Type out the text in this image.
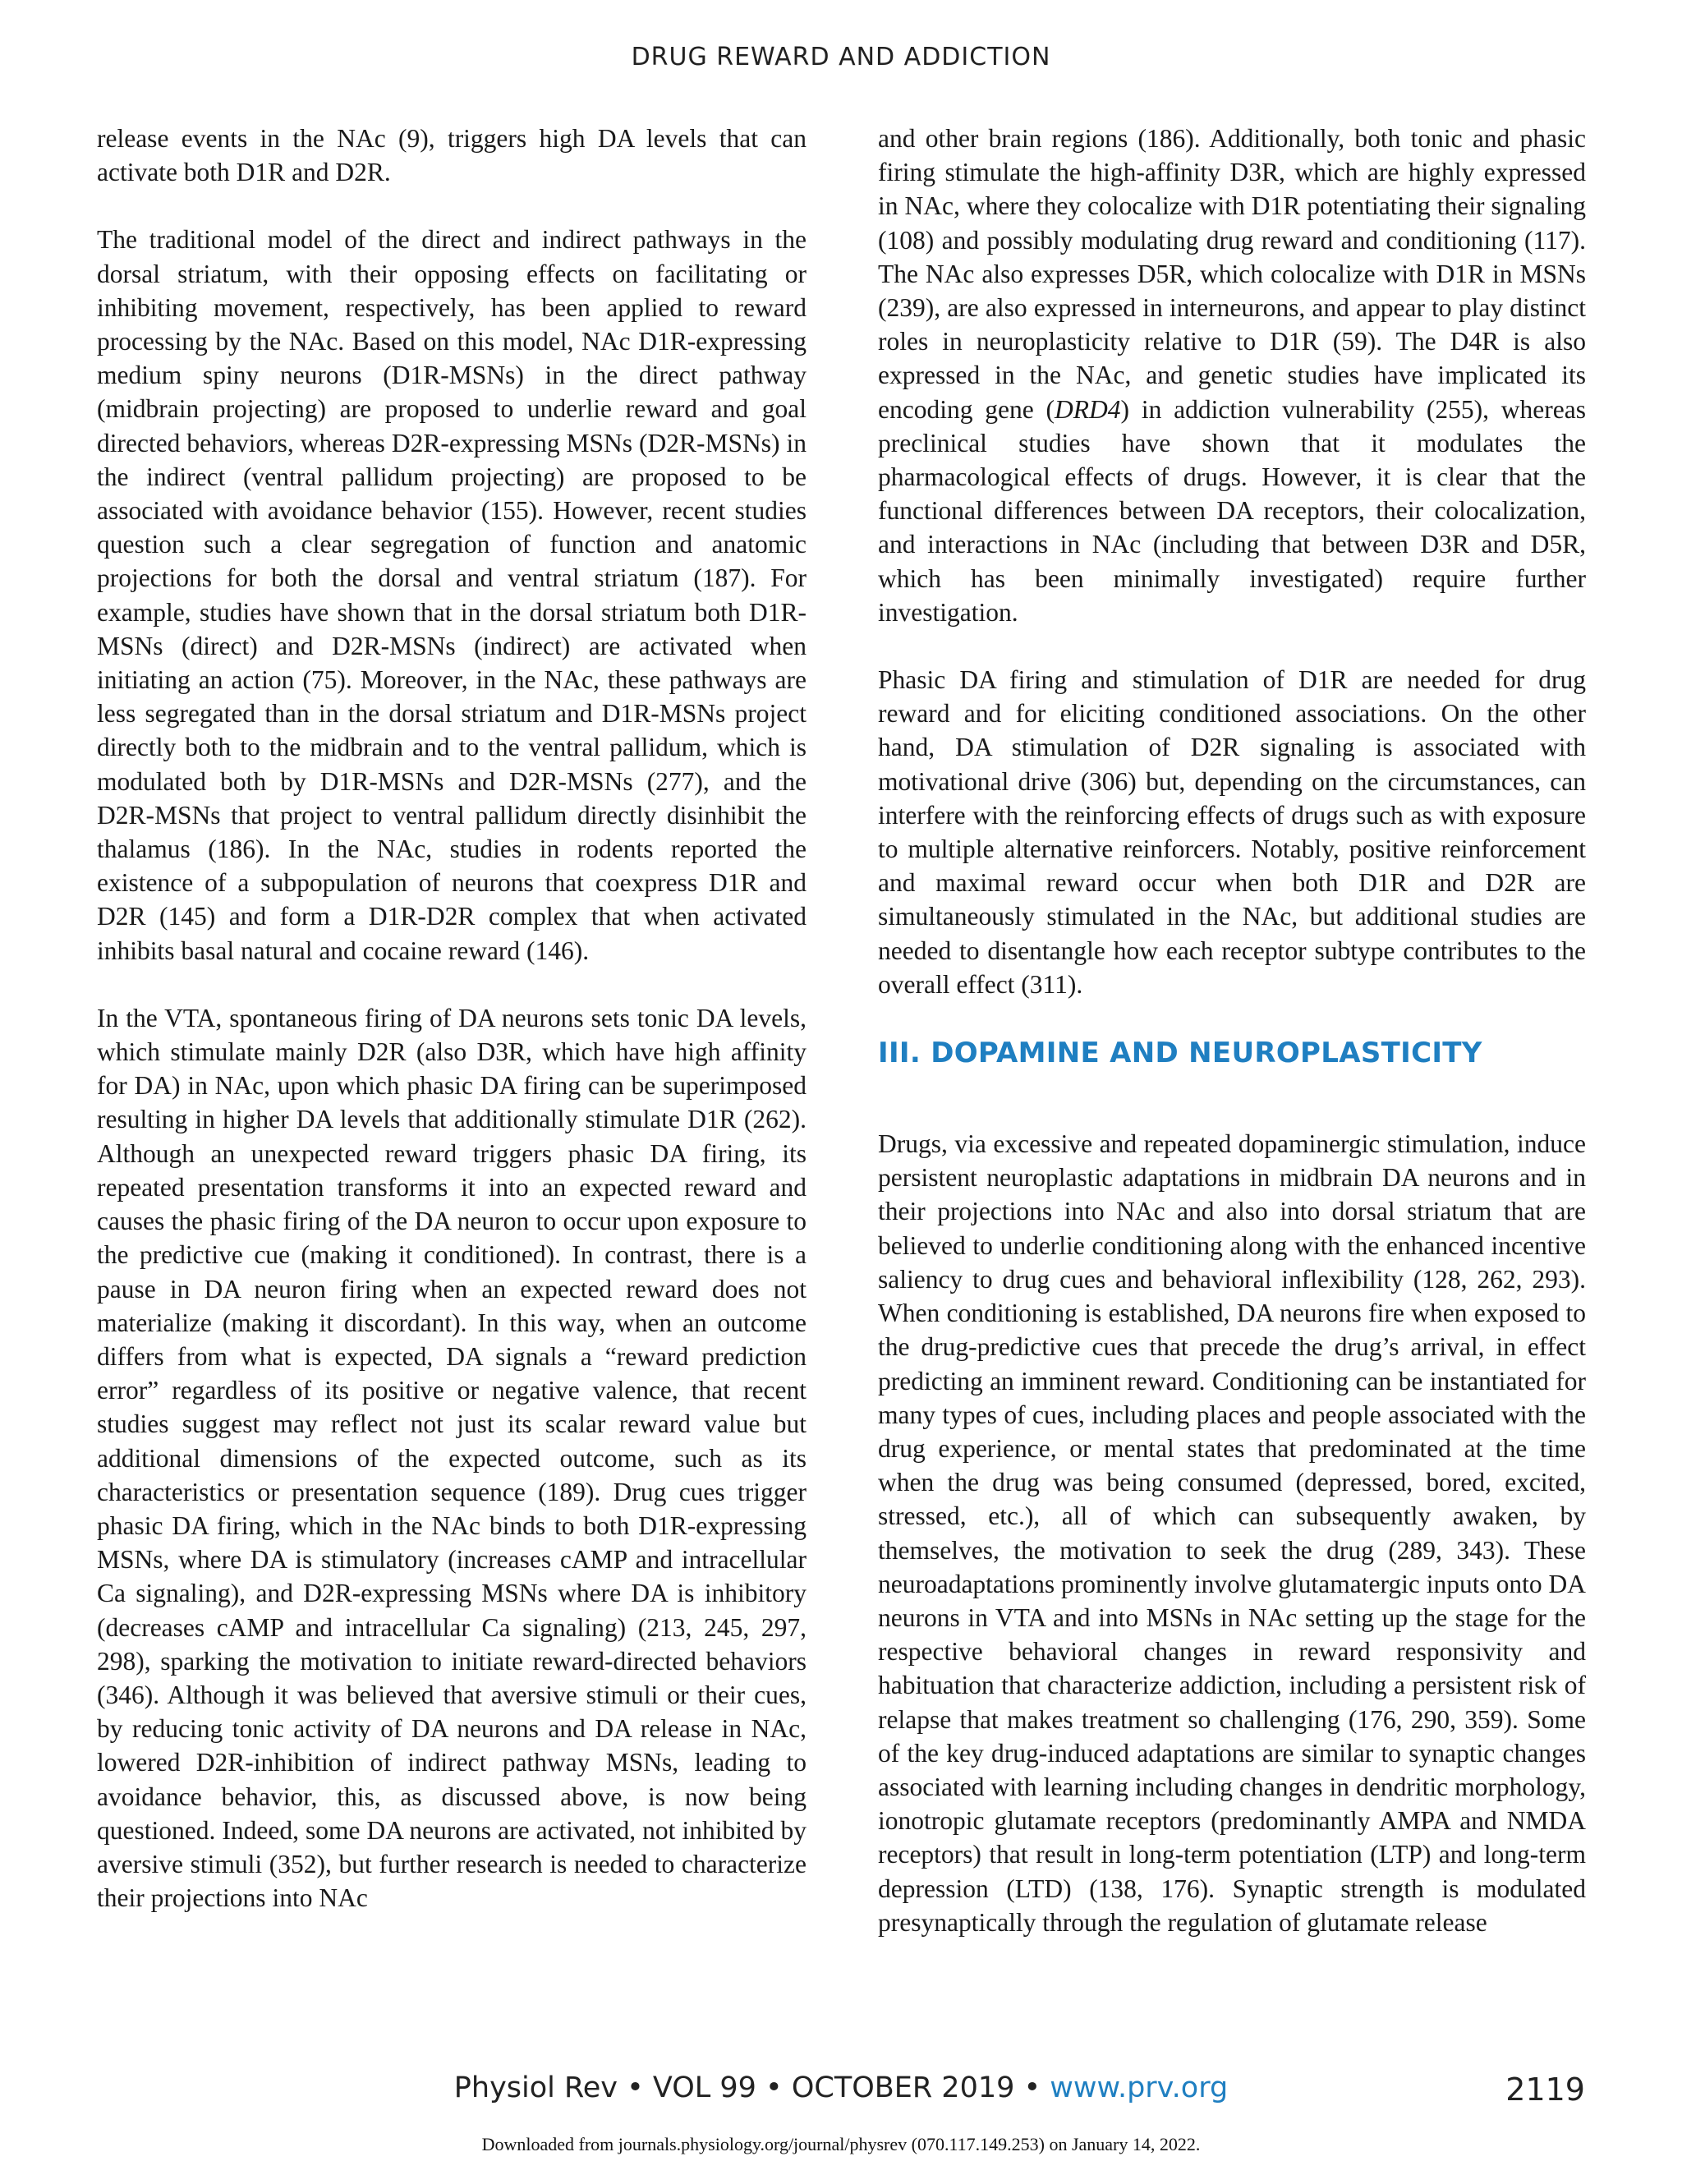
DRUG REWARD AND ADDICTION

release events in the NAc (9), triggers high DA levels that can activate both D1R and D2R.

The traditional model of the direct and indirect pathways in the dorsal striatum, with their opposing effects on facilitating or inhibiting movement, respectively, has been applied to reward processing by the NAc. Based on this model, NAc D1R-expressing medium spiny neurons (D1R-MSNs) in the direct pathway (midbrain projecting) are proposed to underlie reward and goal directed behaviors, whereas D2R-expressing MSNs (D2R-MSNs) in the indirect (ventral pallidum projecting) are proposed to be associated with avoidance behavior (155). However, recent studies question such a clear segregation of function and anatomic projections for both the dorsal and ventral striatum (187). For example, studies have shown that in the dorsal striatum both D1R-MSNs (direct) and D2R-MSNs (indirect) are activated when initiating an action (75). Moreover, in the NAc, these pathways are less segregated than in the dorsal striatum and D1R-MSNs project directly both to the midbrain and to the ventral pallidum, which is modulated both by D1R-MSNs and D2R-MSNs (277), and the D2R-MSNs that project to ventral pallidum directly disinhibit the thalamus (186). In the NAc, studies in rodents reported the existence of a subpopulation of neurons that coexpress D1R and D2R (145) and form a D1R-D2R complex that when activated inhibits basal natural and cocaine reward (146).

In the VTA, spontaneous firing of DA neurons sets tonic DA levels, which stimulate mainly D2R (also D3R, which have high affinity for DA) in NAc, upon which phasic DA firing can be superimposed resulting in higher DA levels that additionally stimulate D1R (262). Although an unexpected reward triggers phasic DA firing, its repeated presentation transforms it into an expected reward and causes the phasic firing of the DA neuron to occur upon exposure to the predictive cue (making it conditioned). In contrast, there is a pause in DA neuron firing when an expected reward does not materialize (making it discordant). In this way, when an outcome differs from what is expected, DA signals a “reward prediction error” regardless of its positive or negative valence, that recent studies suggest may reflect not just its scalar reward value but additional dimensions of the expected outcome, such as its characteristics or presentation sequence (189). Drug cues trigger phasic DA firing, which in the NAc binds to both D1R-expressing MSNs, where DA is stimulatory (increases cAMP and intracellular Ca signaling), and D2R-expressing MSNs where DA is inhibitory (decreases cAMP and intracellular Ca signaling) (213, 245, 297, 298), sparking the motivation to initiate reward-directed behaviors (346). Although it was believed that aversive stimuli or their cues, by reducing tonic activity of DA neurons and DA release in NAc, lowered D2R-inhibition of indirect pathway MSNs, leading to avoidance behavior, this, as discussed above, is now being questioned. Indeed, some DA neurons are activated, not inhibited by aversive stimuli (352), but further research is needed to characterize their projections into NAc

and other brain regions (186). Additionally, both tonic and phasic firing stimulate the high-affinity D3R, which are highly expressed in NAc, where they colocalize with D1R potentiating their signaling (108) and possibly modulating drug reward and conditioning (117). The NAc also expresses D5R, which colocalize with D1R in MSNs (239), are also expressed in interneurons, and appear to play distinct roles in neuroplasticity relative to D1R (59). The D4R is also expressed in the NAc, and genetic studies have implicated its encoding gene (DRD4) in addiction vulnerability (255), whereas preclinical studies have shown that it modulates the pharmacological effects of drugs. However, it is clear that the functional differences between DA receptors, their colocalization, and interactions in NAc (including that between D3R and D5R, which has been minimally investigated) require further investigation.

Phasic DA firing and stimulation of D1R are needed for drug reward and for eliciting conditioned associations. On the other hand, DA stimulation of D2R signaling is associated with motivational drive (306) but, depending on the circumstances, can interfere with the reinforcing effects of drugs such as with exposure to multiple alternative reinforcers. Notably, positive reinforcement and maximal reward occur when both D1R and D2R are simultaneously stimulated in the NAc, but additional studies are needed to disentangle how each receptor subtype contributes to the overall effect (311).

III. DOPAMINE AND NEUROPLASTICITY

Drugs, via excessive and repeated dopaminergic stimulation, induce persistent neuroplastic adaptations in midbrain DA neurons and in their projections into NAc and also into dorsal striatum that are believed to underlie conditioning along with the enhanced incentive saliency to drug cues and behavioral inflexibility (128, 262, 293). When conditioning is established, DA neurons fire when exposed to the drug-predictive cues that precede the drug’s arrival, in effect predicting an imminent reward. Conditioning can be instantiated for many types of cues, including places and people associated with the drug experience, or mental states that predominated at the time when the drug was being consumed (depressed, bored, excited, stressed, etc.), all of which can subsequently awaken, by themselves, the motivation to seek the drug (289, 343). These neuroadaptations prominently involve glutamatergic inputs onto DA neurons in VTA and into MSNs in NAc setting up the stage for the respective behavioral changes in reward responsivity and habituation that characterize addiction, including a persistent risk of relapse that makes treatment so challenging (176, 290, 359). Some of the key drug-induced adaptations are similar to synaptic changes associated with learning including changes in dendritic morphology, ionotropic glutamate receptors (predominantly AMPA and NMDA receptors) that result in long-term potentiation (LTP) and long-term depression (LTD) (138, 176). Synaptic strength is modulated presynaptically through the regulation of glutamate release

Physiol Rev • VOL 99 • OCTOBER 2019 • www.prv.org	2119
Downloaded from journals.physiology.org/journal/physrev (070.117.149.253) on January 14, 2022.
